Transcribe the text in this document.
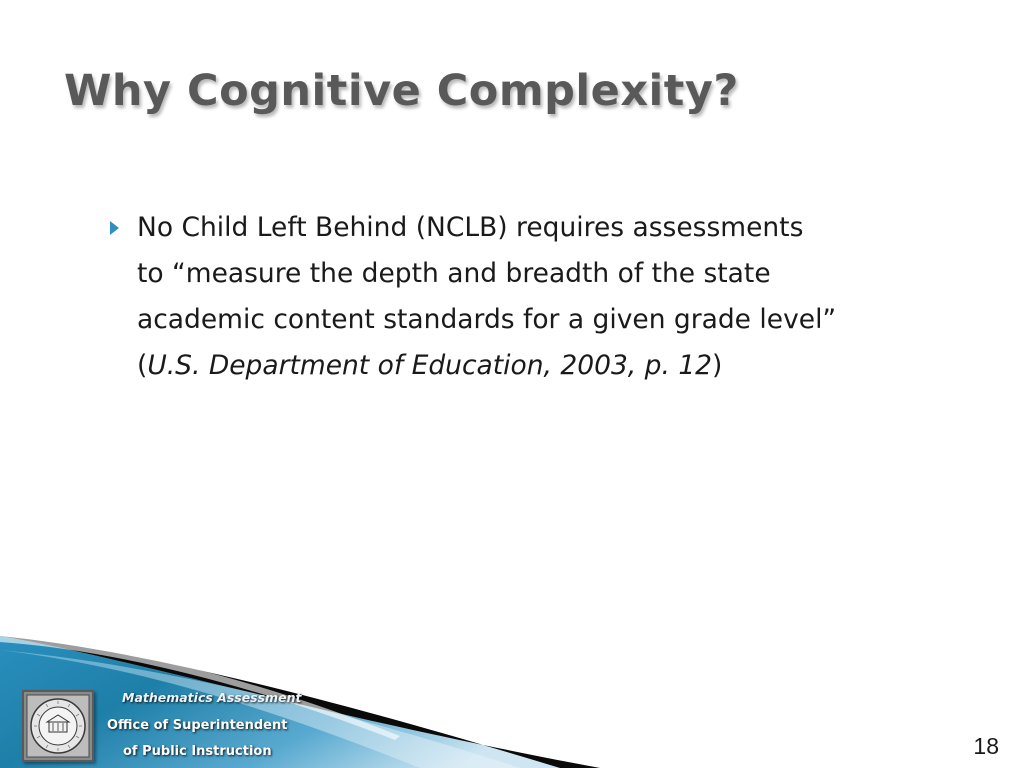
Why Cognitive Complexity?
No Child Left Behind (NCLB) requires assessments
to “measure the depth and breadth of the state
academic content standards for a given grade level”
(U.S. Department of Education, 2003, p. 12)
Mathematics Assessment
Office of Superintendent
of Public Instruction	18
